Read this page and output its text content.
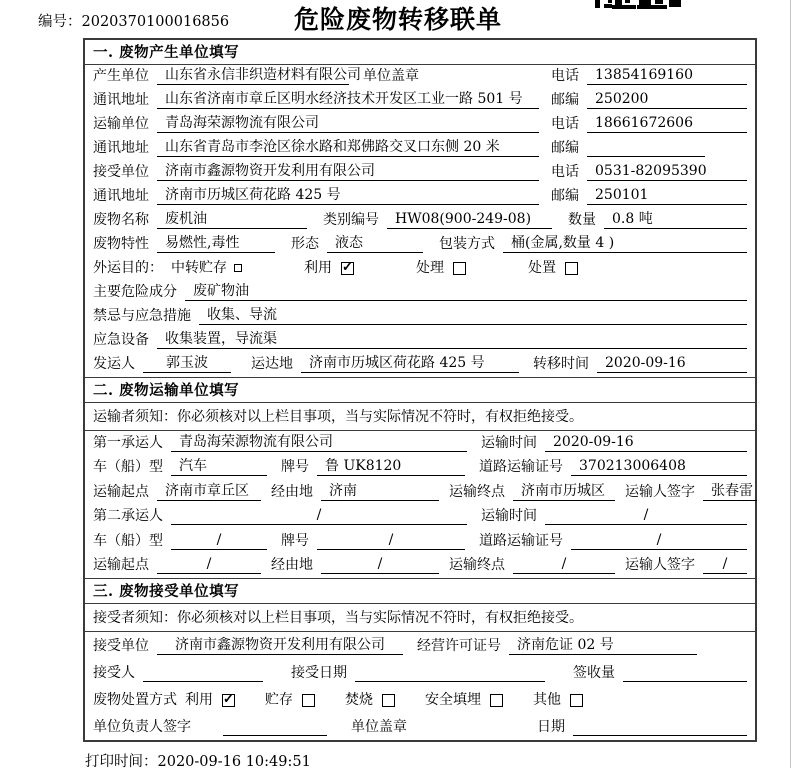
编号：2020370100016856	危险废物转移联单
一. 废物产生单位填写
产生单位	山东省永信非织造材料有限公司 单位盖章	电话	13854169160
通讯地址	山东省济南市章丘区明水经济技术开发区工业一路 501 号	邮编	250200
运输单位	青岛海荣源物流有限公司	电话	18661672606
通讯地址	山东省青岛市李沧区徐水路和郑佛路交叉口东侧 20 米	邮编
接受单位	济南市鑫源物资开发利用有限公司	电话	0531-82095390
通讯地址	济南市历城区荷花路 425 号	邮编	250101
废物名称	废机油	类别编号	HW08(900-249-08)	数量	0.8 吨
废物特性	易燃性,毒性	形态	液态	包装方式	桶(金属,数量 4 )
外运目的： 中转贮存	利用 ✓	处理	处置
主要危险成分	废矿物油
禁忌与应急措施	收集、导流
应急设备	收集装置，导流渠
发运人	郭玉波	运达地	济南市历城区荷花路 425 号	转移时间	2020-09-16
二. 废物运输单位填写
运输者须知：你必须核对以上栏目事项，当与实际情况不符时，有权拒绝接受。
第一承运人	青岛海荣源物流有限公司	运输时间	2020-09-16
车（船）型	汽车	牌号	鲁 UK8120	道路运输证号	370213006408
运输起点	济南市章丘区	经由地	济南	运输终点	济南市历城区	运输人签字	张春雷
第二承运人	/	运输时间	/
车（船）型	/	牌号	/	道路运输证号	/
运输起点	/	经由地	/	运输终点	/	运输人签字	/
三. 废物接受单位填写
接受者须知：你必须核对以上栏目事项，当与实际情况不符时，有权拒绝接受。
接受单位	济南市鑫源物资开发利用有限公司	经营许可证号	济南危证 02 号
接受人	接受日期	签收量
废物处置方式 利用 ✓	贮存	焚烧	安全填埋	其他
单位负责人签字	单位盖章	日期
打印时间：2020-09-16 10:49:51
